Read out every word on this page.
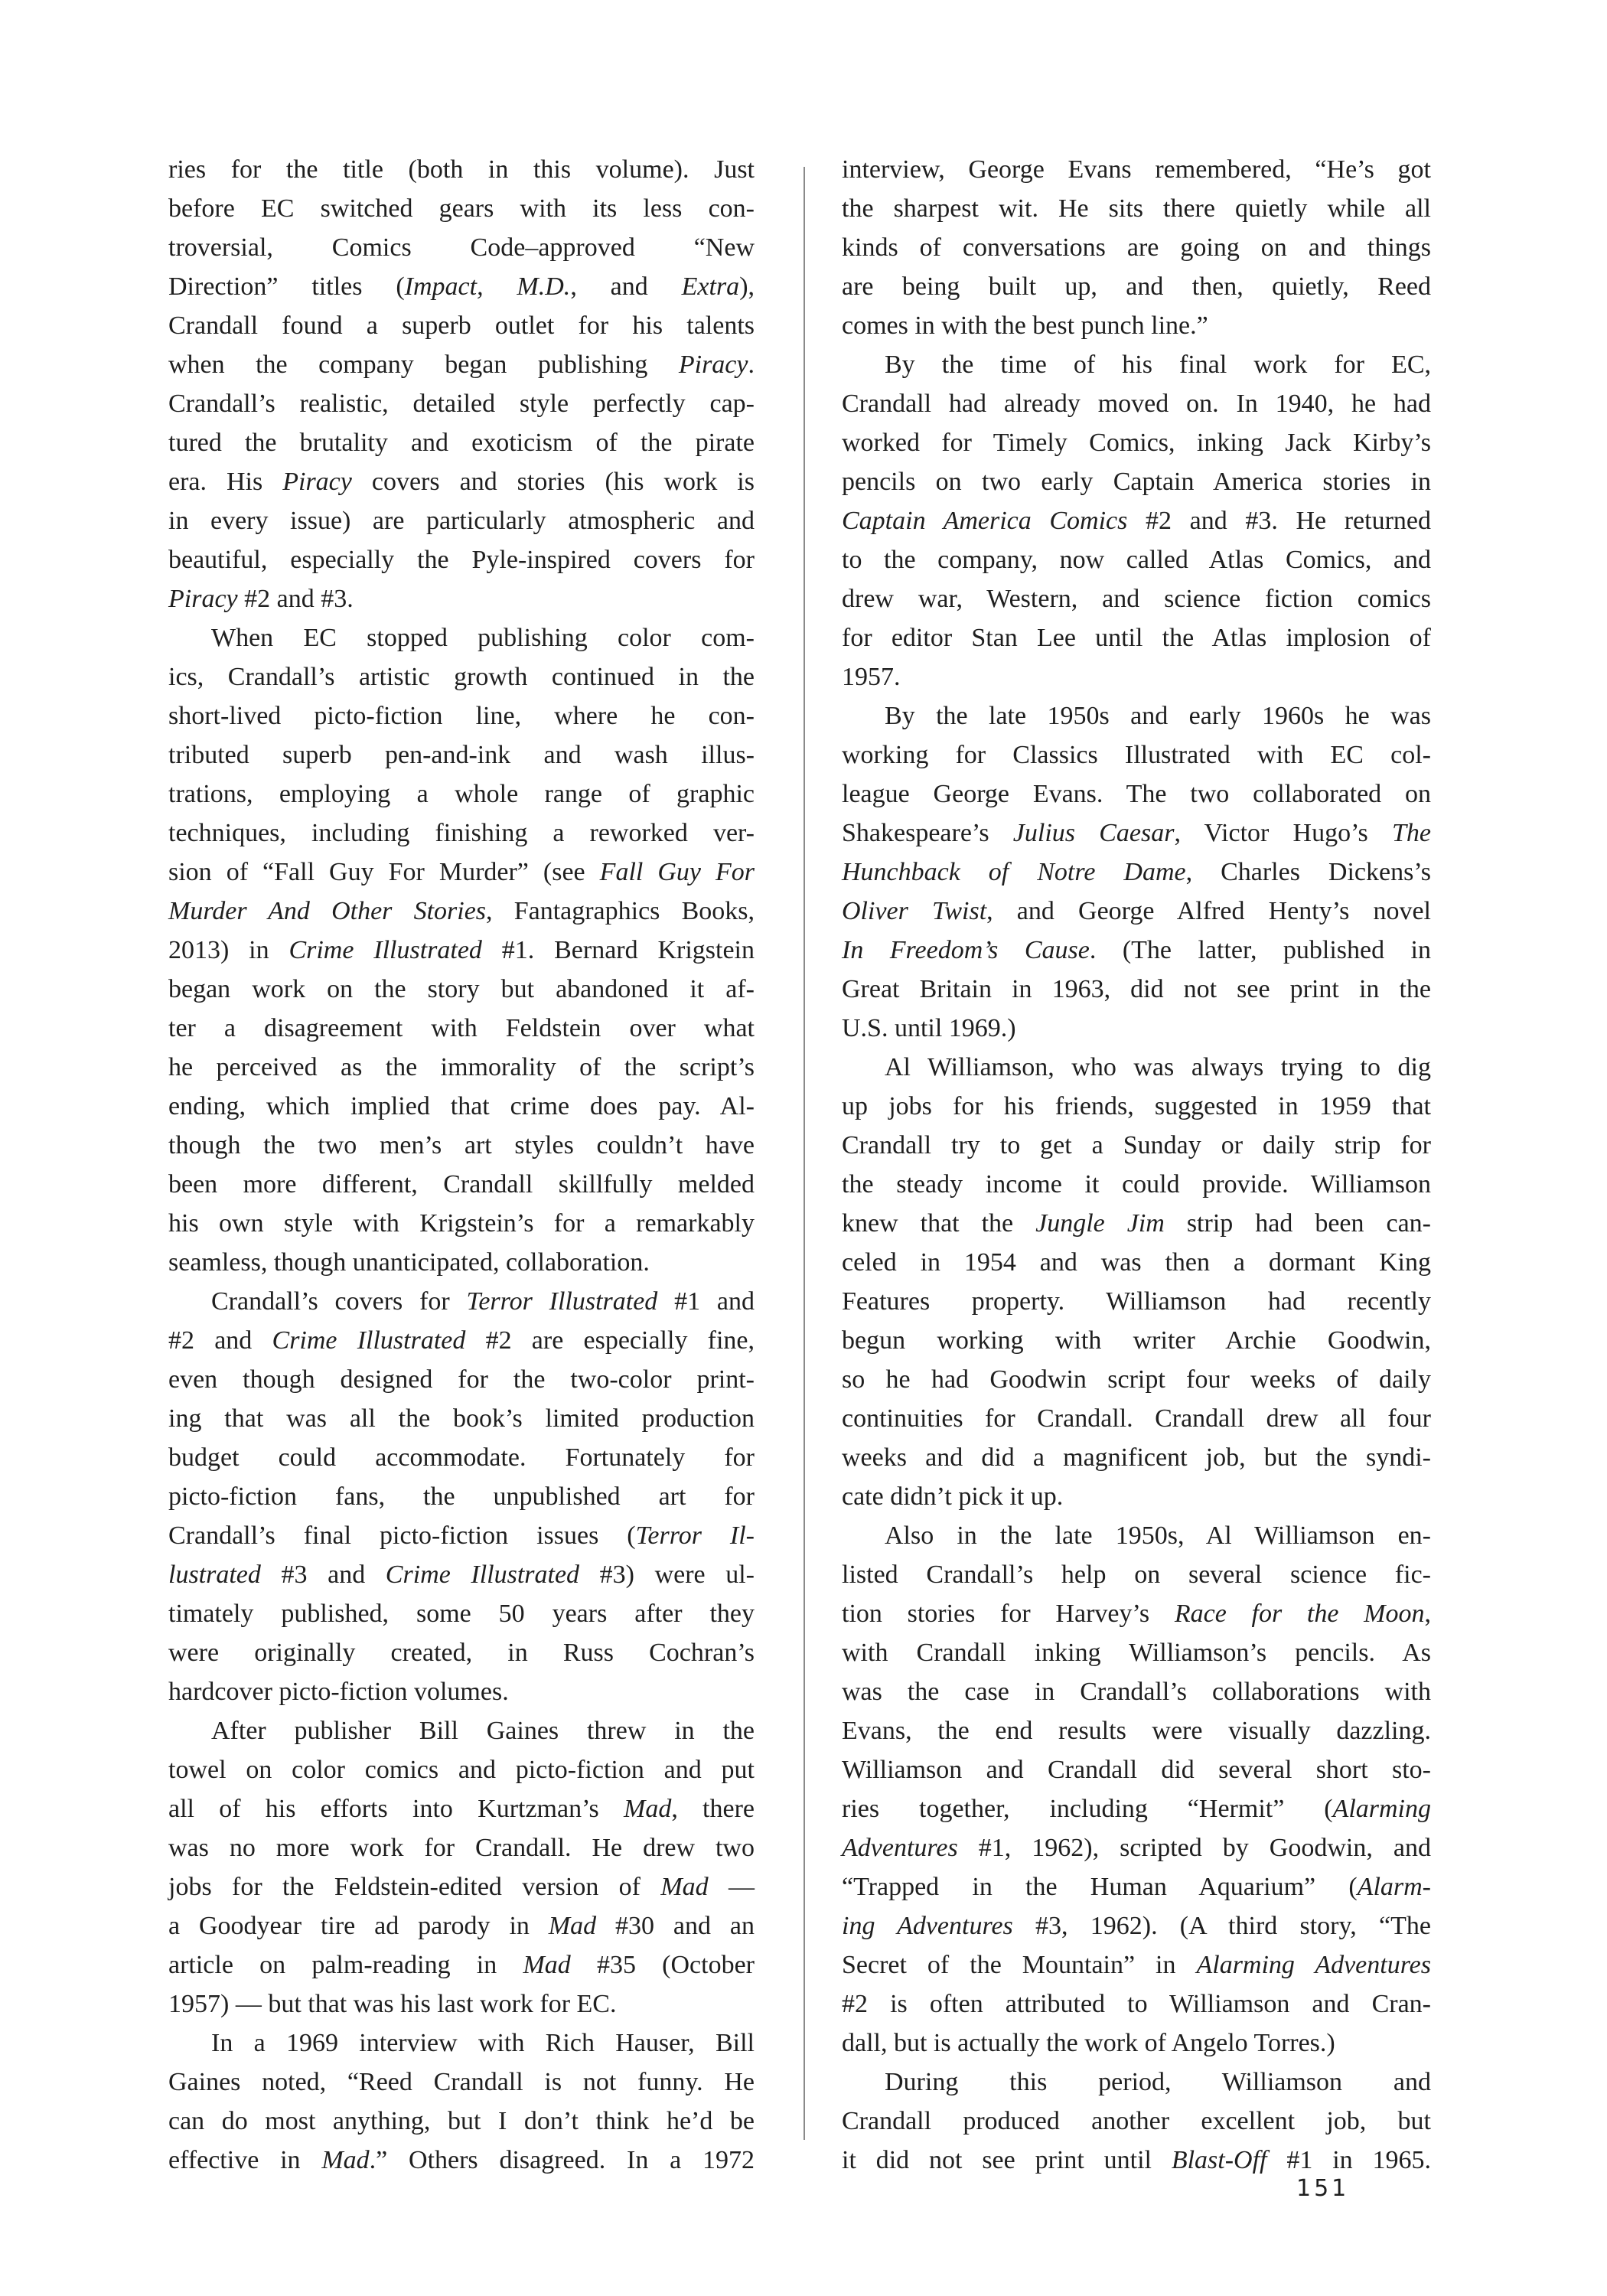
ries for the title (both in this volume). Just
before EC switched gears with its less con-
troversial, Comics Code–approved “New
Direction” titles (Impact, M.D., and Extra),
Crandall found a superb outlet for his talents
when the company began publishing Piracy.
Crandall’s realistic, detailed style perfectly cap-
tured the brutality and exoticism of the pirate
era. His Piracy covers and stories (his work is
in every issue) are particularly atmospheric and
beautiful, especially the Pyle-inspired covers for
Piracy #2 and #3.
When EC stopped publishing color com-
ics, Crandall’s artistic growth continued in the
short-lived picto-fiction line, where he con-
tributed superb pen-and-ink and wash illus-
trations, employing a whole range of graphic
techniques, including finishing a reworked ver-
sion of “Fall Guy For Murder” (see Fall Guy For
Murder And Other Stories, Fantagraphics Books,
2013) in Crime Illustrated #1. Bernard Krigstein
began work on the story but abandoned it af-
ter a disagreement with Feldstein over what
he perceived as the immorality of the script’s
ending, which implied that crime does pay. Al-
though the two men’s art styles couldn’t have
been more different, Crandall skillfully melded
his own style with Krigstein’s for a remarkably
seamless, though unanticipated, collaboration.
Crandall’s covers for Terror Illustrated #1 and
#2 and Crime Illustrated #2 are especially fine,
even though designed for the two-color print-
ing that was all the book’s limited production
budget could accommodate. Fortunately for
picto-fiction fans, the unpublished art for
Crandall’s final picto-fiction issues (Terror Il-
lustrated #3 and Crime Illustrated #3) were ul-
timately published, some 50 years after they
were originally created, in Russ Cochran’s
hardcover picto-fiction volumes.
After publisher Bill Gaines threw in the
towel on color comics and picto-fiction and put
all of his efforts into Kurtzman’s Mad, there
was no more work for Crandall. He drew two
jobs for the Feldstein-edited version of Mad —
a Goodyear tire ad parody in Mad #30 and an
article on palm-reading in Mad #35 (October
1957) — but that was his last work for EC.
In a 1969 interview with Rich Hauser, Bill
Gaines noted, “Reed Crandall is not funny. He
can do most anything, but I don’t think he’d be
effective in Mad.” Others disagreed. In a 1972
interview, George Evans remembered, “He’s got
the sharpest wit. He sits there quietly while all
kinds of conversations are going on and things
are being built up, and then, quietly, Reed
comes in with the best punch line.”
By the time of his final work for EC,
Crandall had already moved on. In 1940, he had
worked for Timely Comics, inking Jack Kirby’s
pencils on two early Captain America stories in
Captain America Comics #2 and #3. He returned
to the company, now called Atlas Comics, and
drew war, Western, and science fiction comics
for editor Stan Lee until the Atlas implosion of
1957.
By the late 1950s and early 1960s he was
working for Classics Illustrated with EC col-
league George Evans. The two collaborated on
Shakespeare’s Julius Caesar, Victor Hugo’s The
Hunchback of Notre Dame, Charles Dickens’s
Oliver Twist, and George Alfred Henty’s novel
In Freedom’s Cause. (The latter, published in
Great Britain in 1963, did not see print in the
U.S. until 1969.)
Al Williamson, who was always trying to dig
up jobs for his friends, suggested in 1959 that
Crandall try to get a Sunday or daily strip for
the steady income it could provide. Williamson
knew that the Jungle Jim strip had been can-
celed in 1954 and was then a dormant King
Features property. Williamson had recently
begun working with writer Archie Goodwin,
so he had Goodwin script four weeks of daily
continuities for Crandall. Crandall drew all four
weeks and did a magnificent job, but the syndi-
cate didn’t pick it up.
Also in the late 1950s, Al Williamson en-
listed Crandall’s help on several science fic-
tion stories for Harvey’s Race for the Moon,
with Crandall inking Williamson’s pencils. As
was the case in Crandall’s collaborations with
Evans, the end results were visually dazzling.
Williamson and Crandall did several short sto-
ries together, including “Hermit” (Alarming
Adventures #1, 1962), scripted by Goodwin, and
“Trapped in the Human Aquarium” (Alarm-
ing Adventures #3, 1962). (A third story, “The
Secret of the Mountain” in Alarming Adventures
#2 is often attributed to Williamson and Cran-
dall, but is actually the work of Angelo Torres.)
During this period, Williamson and
Crandall produced another excellent job, but
it did not see print until Blast-Off #1 in 1965.
151
